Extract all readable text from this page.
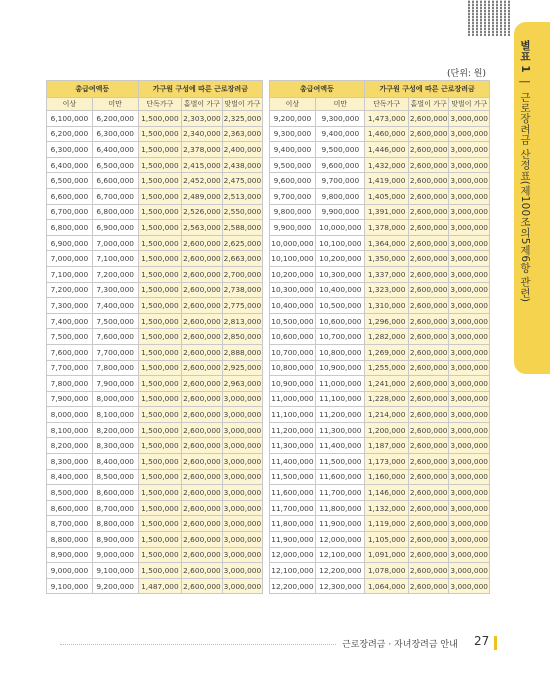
별표 1 | 근로장려금 산정표(제100조의5제6항 관련)
(단위: 원)
총급여액등		가구원 구성에 따른 근로장려금				총급여액등		가구원 구성에 따른 근로장려금		
이상	미만	단독가구	홑벌이 가구	맞벌이 가구		이상	미만	단독가구	홑벌이 가구	맞벌이 가구
6,100,000	6,200,000	1,500,000	2,303,000	2,325,000		9,200,000	9,300,000	1,473,000	2,600,000	3,000,000
6,200,000	6,300,000	1,500,000	2,340,000	2,363,000		9,300,000	9,400,000	1,460,000	2,600,000	3,000,000
6,300,000	6,400,000	1,500,000	2,378,000	2,400,000		9,400,000	9,500,000	1,446,000	2,600,000	3,000,000
6,400,000	6,500,000	1,500,000	2,415,000	2,438,000		9,500,000	9,600,000	1,432,000	2,600,000	3,000,000
6,500,000	6,600,000	1,500,000	2,452,000	2,475,000		9,600,000	9,700,000	1,419,000	2,600,000	3,000,000
6,600,000	6,700,000	1,500,000	2,489,000	2,513,000		9,700,000	9,800,000	1,405,000	2,600,000	3,000,000
6,700,000	6,800,000	1,500,000	2,526,000	2,550,000		9,800,000	9,900,000	1,391,000	2,600,000	3,000,000
6,800,000	6,900,000	1,500,000	2,563,000	2,588,000		9,900,000	10,000,000	1,378,000	2,600,000	3,000,000
6,900,000	7,000,000	1,500,000	2,600,000	2,625,000		10,000,000	10,100,000	1,364,000	2,600,000	3,000,000
7,000,000	7,100,000	1,500,000	2,600,000	2,663,000		10,100,000	10,200,000	1,350,000	2,600,000	3,000,000
7,100,000	7,200,000	1,500,000	2,600,000	2,700,000		10,200,000	10,300,000	1,337,000	2,600,000	3,000,000
7,200,000	7,300,000	1,500,000	2,600,000	2,738,000		10,300,000	10,400,000	1,323,000	2,600,000	3,000,000
7,300,000	7,400,000	1,500,000	2,600,000	2,775,000		10,400,000	10,500,000	1,310,000	2,600,000	3,000,000
7,400,000	7,500,000	1,500,000	2,600,000	2,813,000		10,500,000	10,600,000	1,296,000	2,600,000	3,000,000
7,500,000	7,600,000	1,500,000	2,600,000	2,850,000		10,600,000	10,700,000	1,282,000	2,600,000	3,000,000
7,600,000	7,700,000	1,500,000	2,600,000	2,888,000		10,700,000	10,800,000	1,269,000	2,600,000	3,000,000
7,700,000	7,800,000	1,500,000	2,600,000	2,925,000		10,800,000	10,900,000	1,255,000	2,600,000	3,000,000
7,800,000	7,900,000	1,500,000	2,600,000	2,963,000		10,900,000	11,000,000	1,241,000	2,600,000	3,000,000
7,900,000	8,000,000	1,500,000	2,600,000	3,000,000		11,000,000	11,100,000	1,228,000	2,600,000	3,000,000
8,000,000	8,100,000	1,500,000	2,600,000	3,000,000		11,100,000	11,200,000	1,214,000	2,600,000	3,000,000
8,100,000	8,200,000	1,500,000	2,600,000	3,000,000		11,200,000	11,300,000	1,200,000	2,600,000	3,000,000
8,200,000	8,300,000	1,500,000	2,600,000	3,000,000		11,300,000	11,400,000	1,187,000	2,600,000	3,000,000
8,300,000	8,400,000	1,500,000	2,600,000	3,000,000		11,400,000	11,500,000	1,173,000	2,600,000	3,000,000
8,400,000	8,500,000	1,500,000	2,600,000	3,000,000		11,500,000	11,600,000	1,160,000	2,600,000	3,000,000
8,500,000	8,600,000	1,500,000	2,600,000	3,000,000		11,600,000	11,700,000	1,146,000	2,600,000	3,000,000
8,600,000	8,700,000	1,500,000	2,600,000	3,000,000		11,700,000	11,800,000	1,132,000	2,600,000	3,000,000
8,700,000	8,800,000	1,500,000	2,600,000	3,000,000		11,800,000	11,900,000	1,119,000	2,600,000	3,000,000
8,800,000	8,900,000	1,500,000	2,600,000	3,000,000		11,900,000	12,000,000	1,105,000	2,600,000	3,000,000
8,900,000	9,000,000	1,500,000	2,600,000	3,000,000		12,000,000	12,100,000	1,091,000	2,600,000	3,000,000
9,000,000	9,100,000	1,500,000	2,600,000	3,000,000		12,100,000	12,200,000	1,078,000	2,600,000	3,000,000
9,100,000	9,200,000	1,487,000	2,600,000	3,000,000		12,200,000	12,300,000	1,064,000	2,600,000	3,000,000
근로장려금 · 자녀장려금 안내 27
